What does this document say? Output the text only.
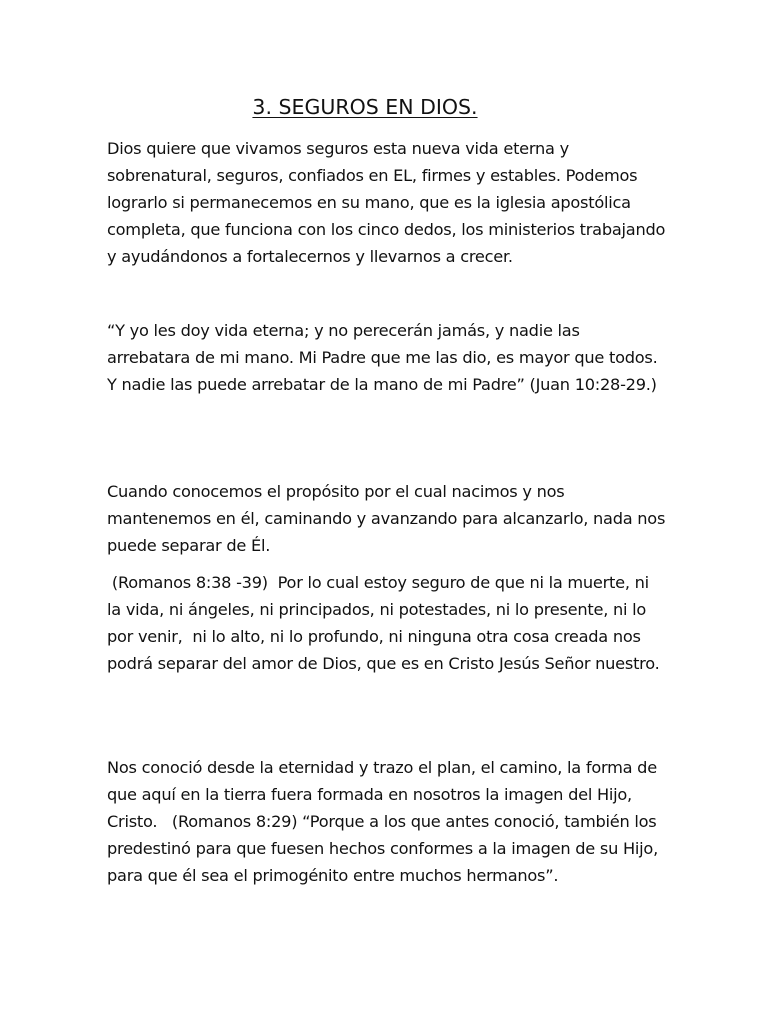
3. SEGUROS EN DIOS.

Dios quiere que vivamos seguros esta nueva vida eterna y sobrenatural, seguros, confiados en EL, firmes y estables. Podemos lograrlo si permanecemos en su mano, que es la iglesia apostólica completa, que funciona con los cinco dedos, los ministerios trabajando y ayudándonos a fortalecernos y llevarnos a crecer.

“Y yo les doy vida eterna; y no perecerán jamás, y nadie las arrebatara de mi mano. Mi Padre que me las dio, es mayor que todos. Y nadie las puede arrebatar de la mano de mi Padre” (Juan 10:28-29.)

Cuando conocemos el propósito por el cual nacimos y nos mantenemos en él, caminando y avanzando para alcanzarlo, nada nos puede separar de Él.

(Romanos 8:38 -39)  Por lo cual estoy seguro de que ni la muerte, ni la vida, ni ángeles, ni principados, ni potestades, ni lo presente, ni lo por venir,  ni lo alto, ni lo profundo, ni ninguna otra cosa creada nos podrá separar del amor de Dios, que es en Cristo Jesús Señor nuestro.

Nos conoció desde la eternidad y trazo el plan, el camino, la forma de que aquí en la tierra fuera formada en nosotros la imagen del Hijo, Cristo.   (Romanos 8:29) “Porque a los que antes conoció, también los predestinó para que fuesen hechos conformes a la imagen de su Hijo, para que él sea el primogénito entre muchos hermanos”.
